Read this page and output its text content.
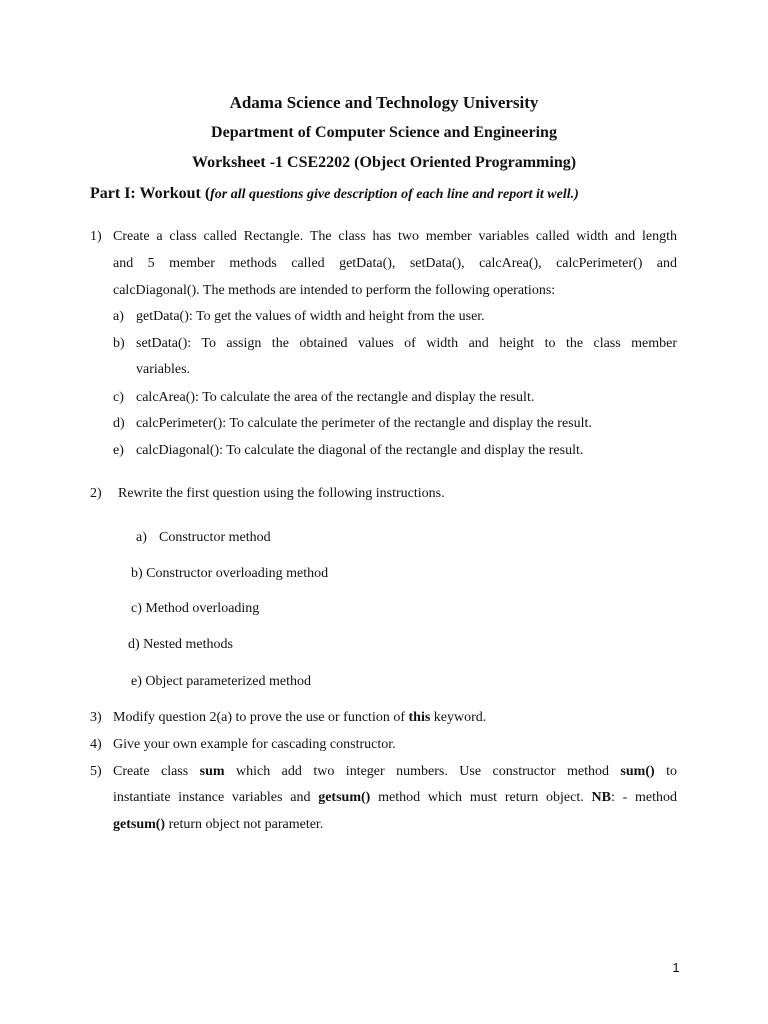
Adama Science and Technology University
Department of Computer Science and Engineering
Worksheet -1 CSE2202 (Object Oriented Programming)
Part I: Workout (for all questions give description of each line and report it well.)
1) Create a class called Rectangle. The class has two member variables called width and length
and 5 member methods called getData(), setData(), calcArea(), calcPerimeter() and
calcDiagonal(). The methods are intended to perform the following operations:
a) getData(): To get the values of width and height from the user.
b) setData(): To assign the obtained values of width and height to the class member
variables.
c) calcArea(): To calculate the area of the rectangle and display the result.
d) calcPerimeter(): To calculate the perimeter of the rectangle and display the result.
e) calcDiagonal(): To calculate the diagonal of the rectangle and display the result.
2) Rewrite the first question using the following instructions.
a) Constructor method
b) Constructor overloading method
c) Method overloading
d) Nested methods
e) Object parameterized method
3) Modify question 2(a) to prove the use or function of this keyword.
4) Give your own example for cascading constructor.
5) Create class sum which add two integer numbers. Use constructor method sum() to
instantiate instance variables and getsum() method which must return object. NB: - method
getsum() return object not parameter.
1
